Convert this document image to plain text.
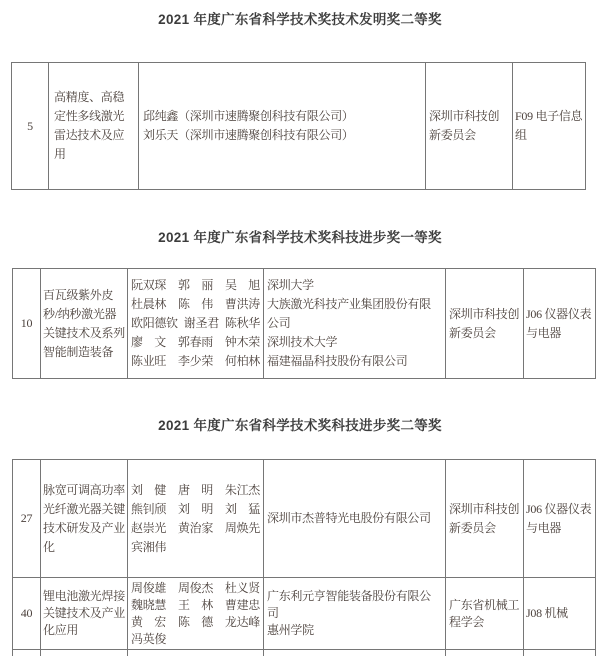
2021 年度广东省科学技术奖技术发明奖二等奖
5
高精度、高稳定性多线激光雷达技术及应用
邱纯鑫（深圳市速腾聚创科技有限公司）
刘乐天（深圳市速腾聚创科技有限公司）
深圳市科技创新委员会
F09 电子信息组
2021 年度广东省科学技术奖科技进步奖一等奖
10
百瓦级紫外皮秒/纳秒激光器关键技术及系列智能制造装备
阮双琛 郭 丽 吴 旭
杜晨林 陈 伟 曹洪涛
欧阳德钦 谢圣君 陈秋华
廖 文 郭春雨 钟木荣
陈业旺 李少荣 何柏林
深圳大学
大族激光科技产业集团股份有限公司
深圳技术大学
福建福晶科技股份有限公司
深圳市科技创新委员会
J06 仪器仪表与电器
2021 年度广东省科学技术奖科技进步奖二等奖
27
脉宽可调高功率光纤激光器关键技术研发及产业化
刘 健 唐 明 朱江杰
熊钊颀 刘 明 刘 猛
赵崇光 黄治家 周焕先
宾湘伟
深圳市杰普特光电股份有限公司
深圳市科技创新委员会
J06 仪器仪表与电器
40
锂电池激光焊接关键技术及产业化应用
周俊雄 周俊杰 杜义贤
魏晓慧 王 林 曹建忠
黄 宏 陈 德 龙达峰
冯英俊
广东利元亨智能装备股份有限公司
惠州学院
广东省机械工程学会
J08 机械
